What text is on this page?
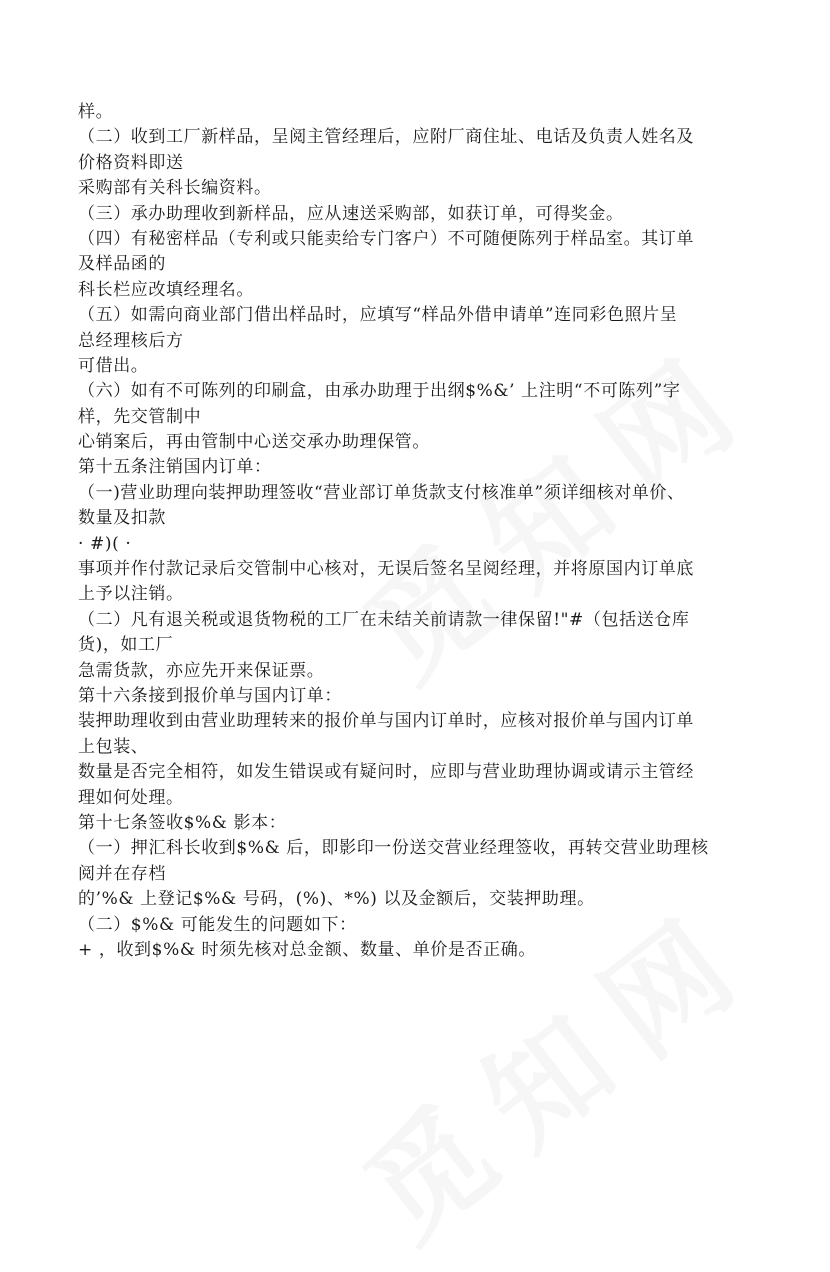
样。
（二）收到工厂新样品，呈阅主管经理后，应附厂商住址、电话及负责人姓名及
价格资料即送
采购部有关科长编资料。
（三）承办助理收到新样品，应从速送采购部，如获订单，可得奖金。
（四）有秘密样品（专利或只能卖给专门客户）不可随便陈列于样品室。其订单
及样品函的
科长栏应改填经理名。
（五）如需向商业部门借出样品时，应填写“样品外借申请单”连同彩色照片呈
总经理核后方
可借出。
（六）如有不可陈列的印刷盒，由承办助理于出纲$%&’ 上注明“不可陈列”字
样，先交管制中
心销案后，再由管制中心送交承办助理保管。
第十五条注销国内订单：
（一)营业助理向装押助理签收“营业部订单货款支付核准单”须详细核对单价、
数量及扣款
· #)( ·
事项并作付款记录后交管制中心核对，无误后签名呈阅经理，并将原国内订单底
上予以注销。
（二）凡有退关税或退货物税的工厂在未结关前请款一律保留!"#（包括送仓库
货)，如工厂
急需货款，亦应先开来保证票。
第十六条接到报价单与国内订单：
装押助理收到由营业助理转来的报价单与国内订单时，应核对报价单与国内订单
上包装、
数量是否完全相符，如发生错误或有疑问时，应即与营业助理协调或请示主管经
理如何处理。
第十七条签收$%& 影本：
（一）押汇科长收到$%& 后，即影印一份送交营业经理签收，再转交营业助理核
阅并在存档
的’%& 上登记$%& 号码，(%)、*%) 以及金额后，交装押助理。
（二）$%& 可能发生的问题如下：
+ ，收到$%& 时须先核对总金额、数量、单价是否正确。
